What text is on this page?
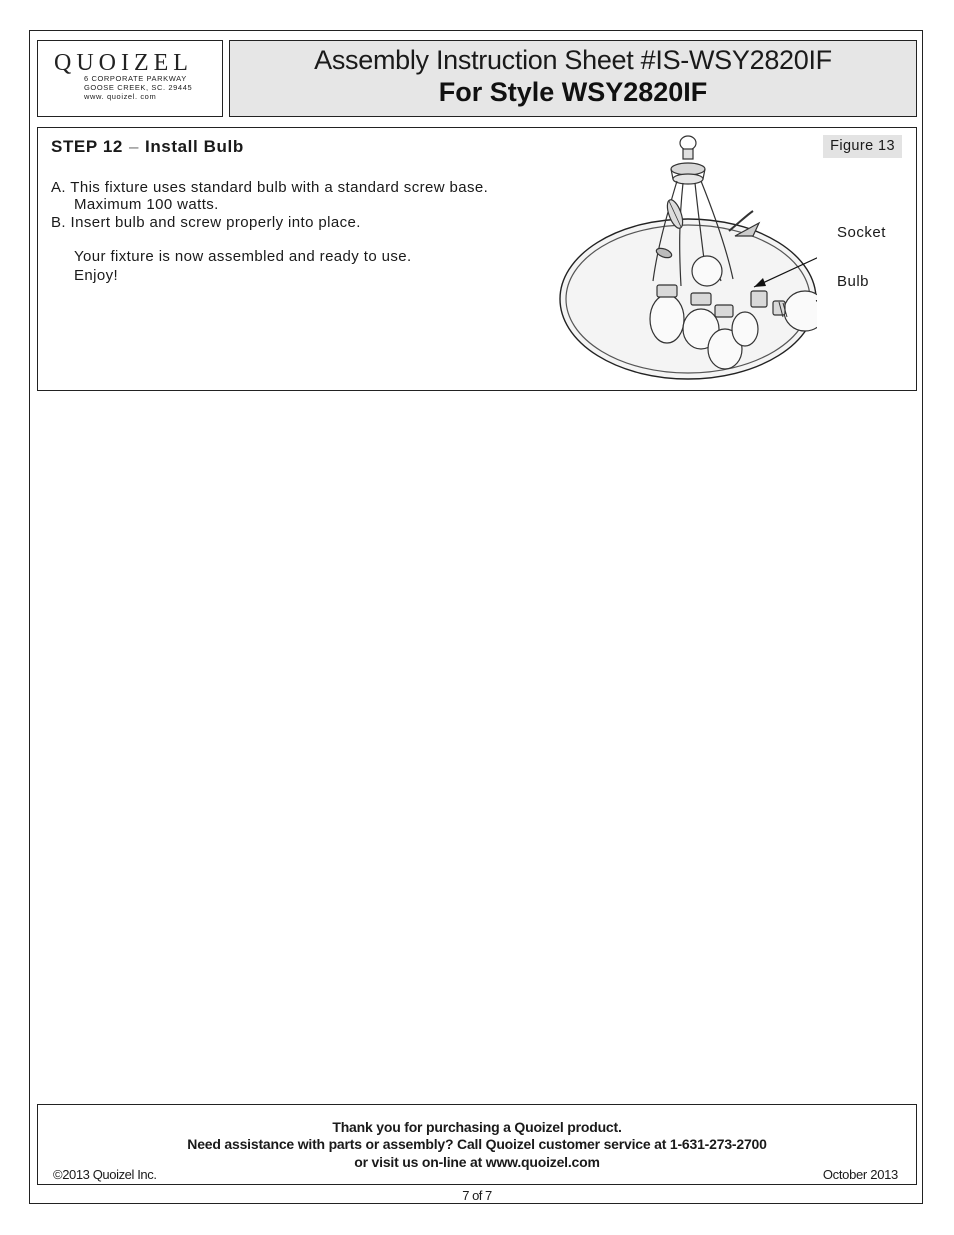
QUOIZEL
6 CORPORATE PARKWAY
GOOSE CREEK, SC. 29445
www. quoizel. com
Assembly Instruction Sheet #IS-WSY2820IF
For Style WSY2820IF
STEP 12 – Install Bulb
A. This fixture uses standard bulb with a standard screw base.
Maximum 100 watts.
B. Insert bulb and screw properly into place.
Your fixture is now assembled and ready to use.
Enjoy!
Figure 13
Socket
Bulb
Thank you for purchasing a Quoizel product.
Need assistance with parts or assembly? Call Quoizel customer service at 1-631-273-2700
or visit us on-line at www.quoizel.com
©2013 Quoizel Inc.	October 2013
7 of 7
